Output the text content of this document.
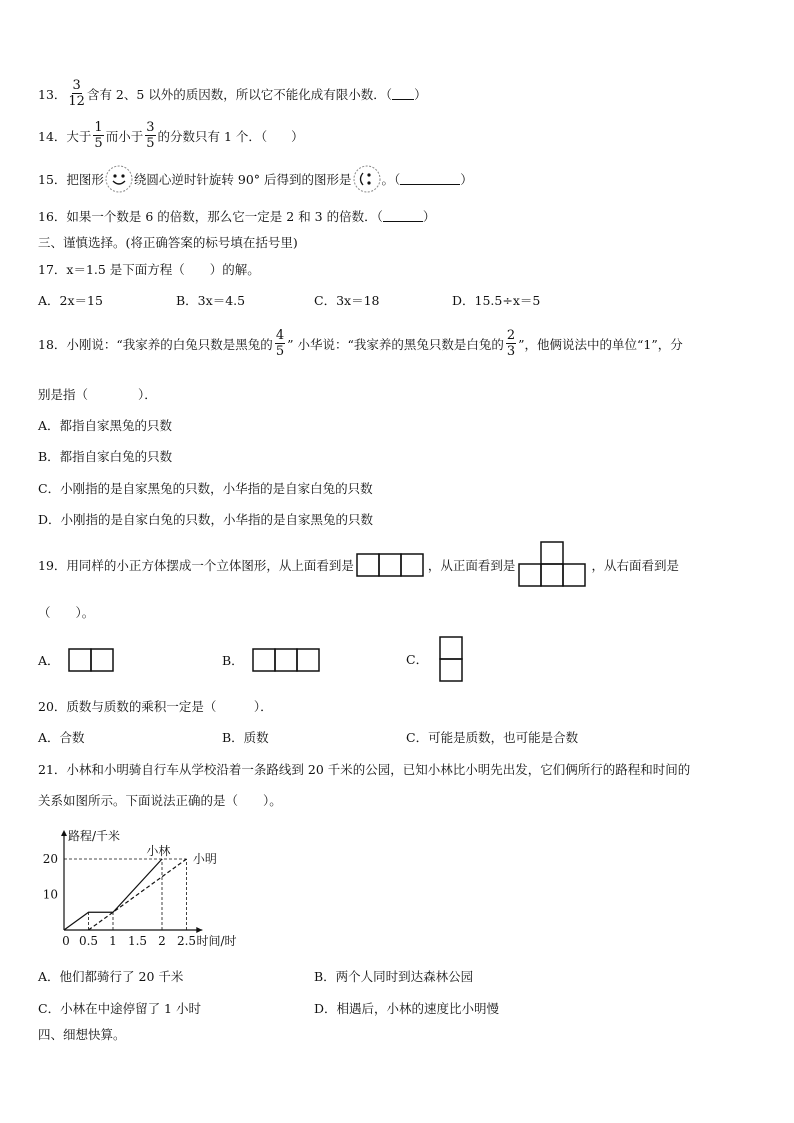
13． $\frac{3}{12}$ 含有 2、5 以外的质因数，所以它不能化成有限小数．（ ）
14． 大于 $\frac{1}{5}$ 而小于 $\frac{3}{5}$ 的分数只有 1 个．（ ）
15． 把图形 绕圆心逆时针旋转 90° 后得到的图形是 。（	）
16． 如果一个数是 6 的倍数，那么它一定是 2 和 3 的倍数．（	）
三、谨慎选择。(将正确答案的标号填在括号里)
17． x＝1.5 是下面方程（　　）的解。
A．2x＝15	B．3x＝4.5	C．3x＝18	D．15.5÷x＝5
18． 小刚说：“我家养的白兔只数是黑兔的 $\frac{4}{5}$ ” 小华说：“我家养的黑兔只数是白兔的 $\frac{2}{3}$ ”，他俩说法中的单位“1”，分
别是指（　　　　）．
A．都指自家黑兔的只数
B．都指自家白兔的只数
C．小刚指的是自家黑兔的只数，小华指的是自家白兔的只数
D．小刚指的是自家白兔的只数，小华指的是自家黑兔的只数
19． 用同样的小正方体摆成一个立体图形，从上面看到是	，从正面看到是	，从右面看到是
（　　）。
A．	B．	C．
20． 质数与质数的乘积一定是（　　　）．
A．合数	B．质数	C．可能是质数，也可能是合数
21． 小林和小明骑自行车从学校沿着一条路线到 20 千米的公园，已知小林比小明先出发，它们俩所行的路程和时间的
关系如图所示。下面说法正确的是（　　）。
小林
小明
0.5 1 1.5 2 2.5
0
10
20
路程/千米
时间/时
A．他们都骑行了 20 千米	B．两个人同时到达森林公园
C．小林在中途停留了 1 小时	D．相遇后，小林的速度比小明慢
四、细想快算。
